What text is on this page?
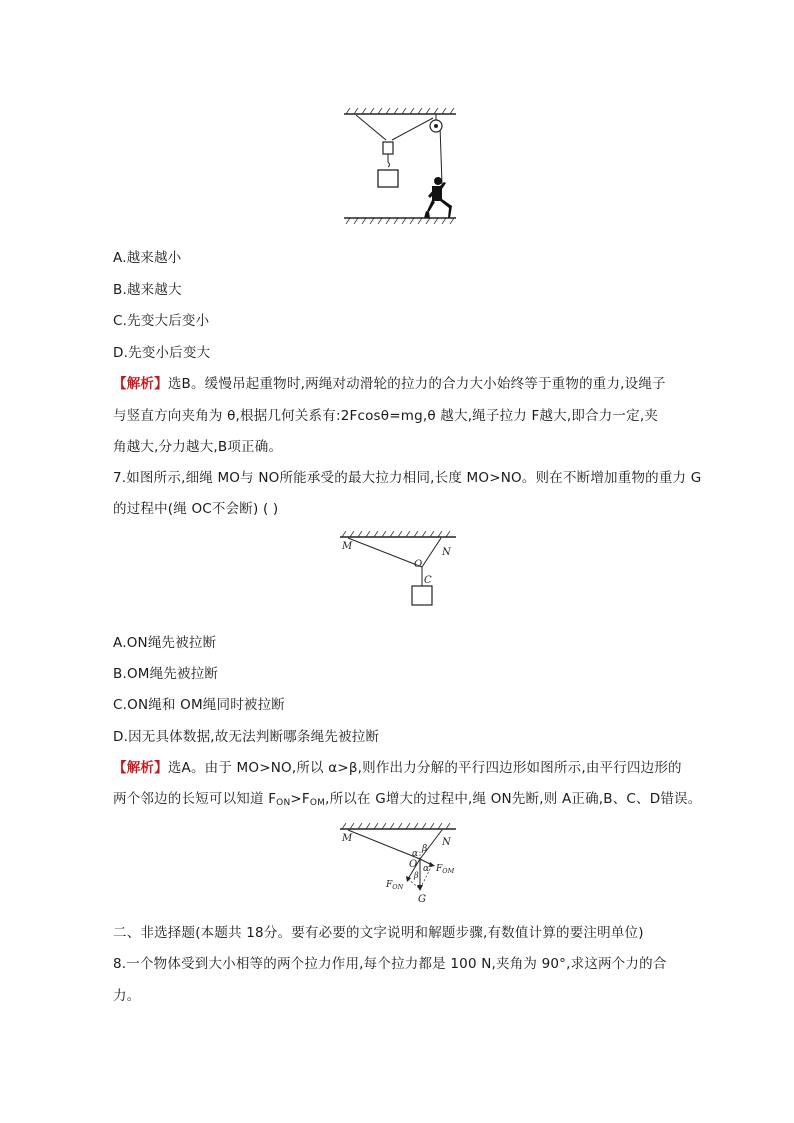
A.越来越小
B.越来越大
C.先变大后变小
D.先变小后变大
【解析】选B。缓慢吊起重物时,两绳对动滑轮的拉力的合力大小始终等于重物的重力,设绳子
与竖直方向夹角为 θ,根据几何关系有:2Fcosθ=mg,θ 越大,绳子拉力 F越大,即合力一定,夹
角越大,分力越大,B项正确。
7.如图所示,细绳 MO与 NO所能承受的最大拉力相同,长度 MO>NO。则在不断增加重物的重力 G
的过程中(绳 OC不会断) ( )
M
N
O
C
A.ON绳先被拉断
B.OM绳先被拉断
C.ON绳和 OM绳同时被拉断
D.因无具体数据,故无法判断哪条绳先被拉断
【解析】选A。由于 MO>NO,所以 α>β,则作出力分解的平行四边形如图所示,由平行四边形的
两个邻边的长短可以知道 $F_{ON}>F_{OM}$,所以在 G增大的过程中,绳 ON先断,则 A正确,B、C、D错误。
M	N
α β
O α
β
$F_{OM}$
$F_{ON}$
G
二、非选择题(本题共 18分。要有必要的文字说明和解题步骤,有数值计算的要注明单位)
8.一个物体受到大小相等的两个拉力作用,每个拉力都是 100 N,夹角为 90°,求这两个力的合
力。
